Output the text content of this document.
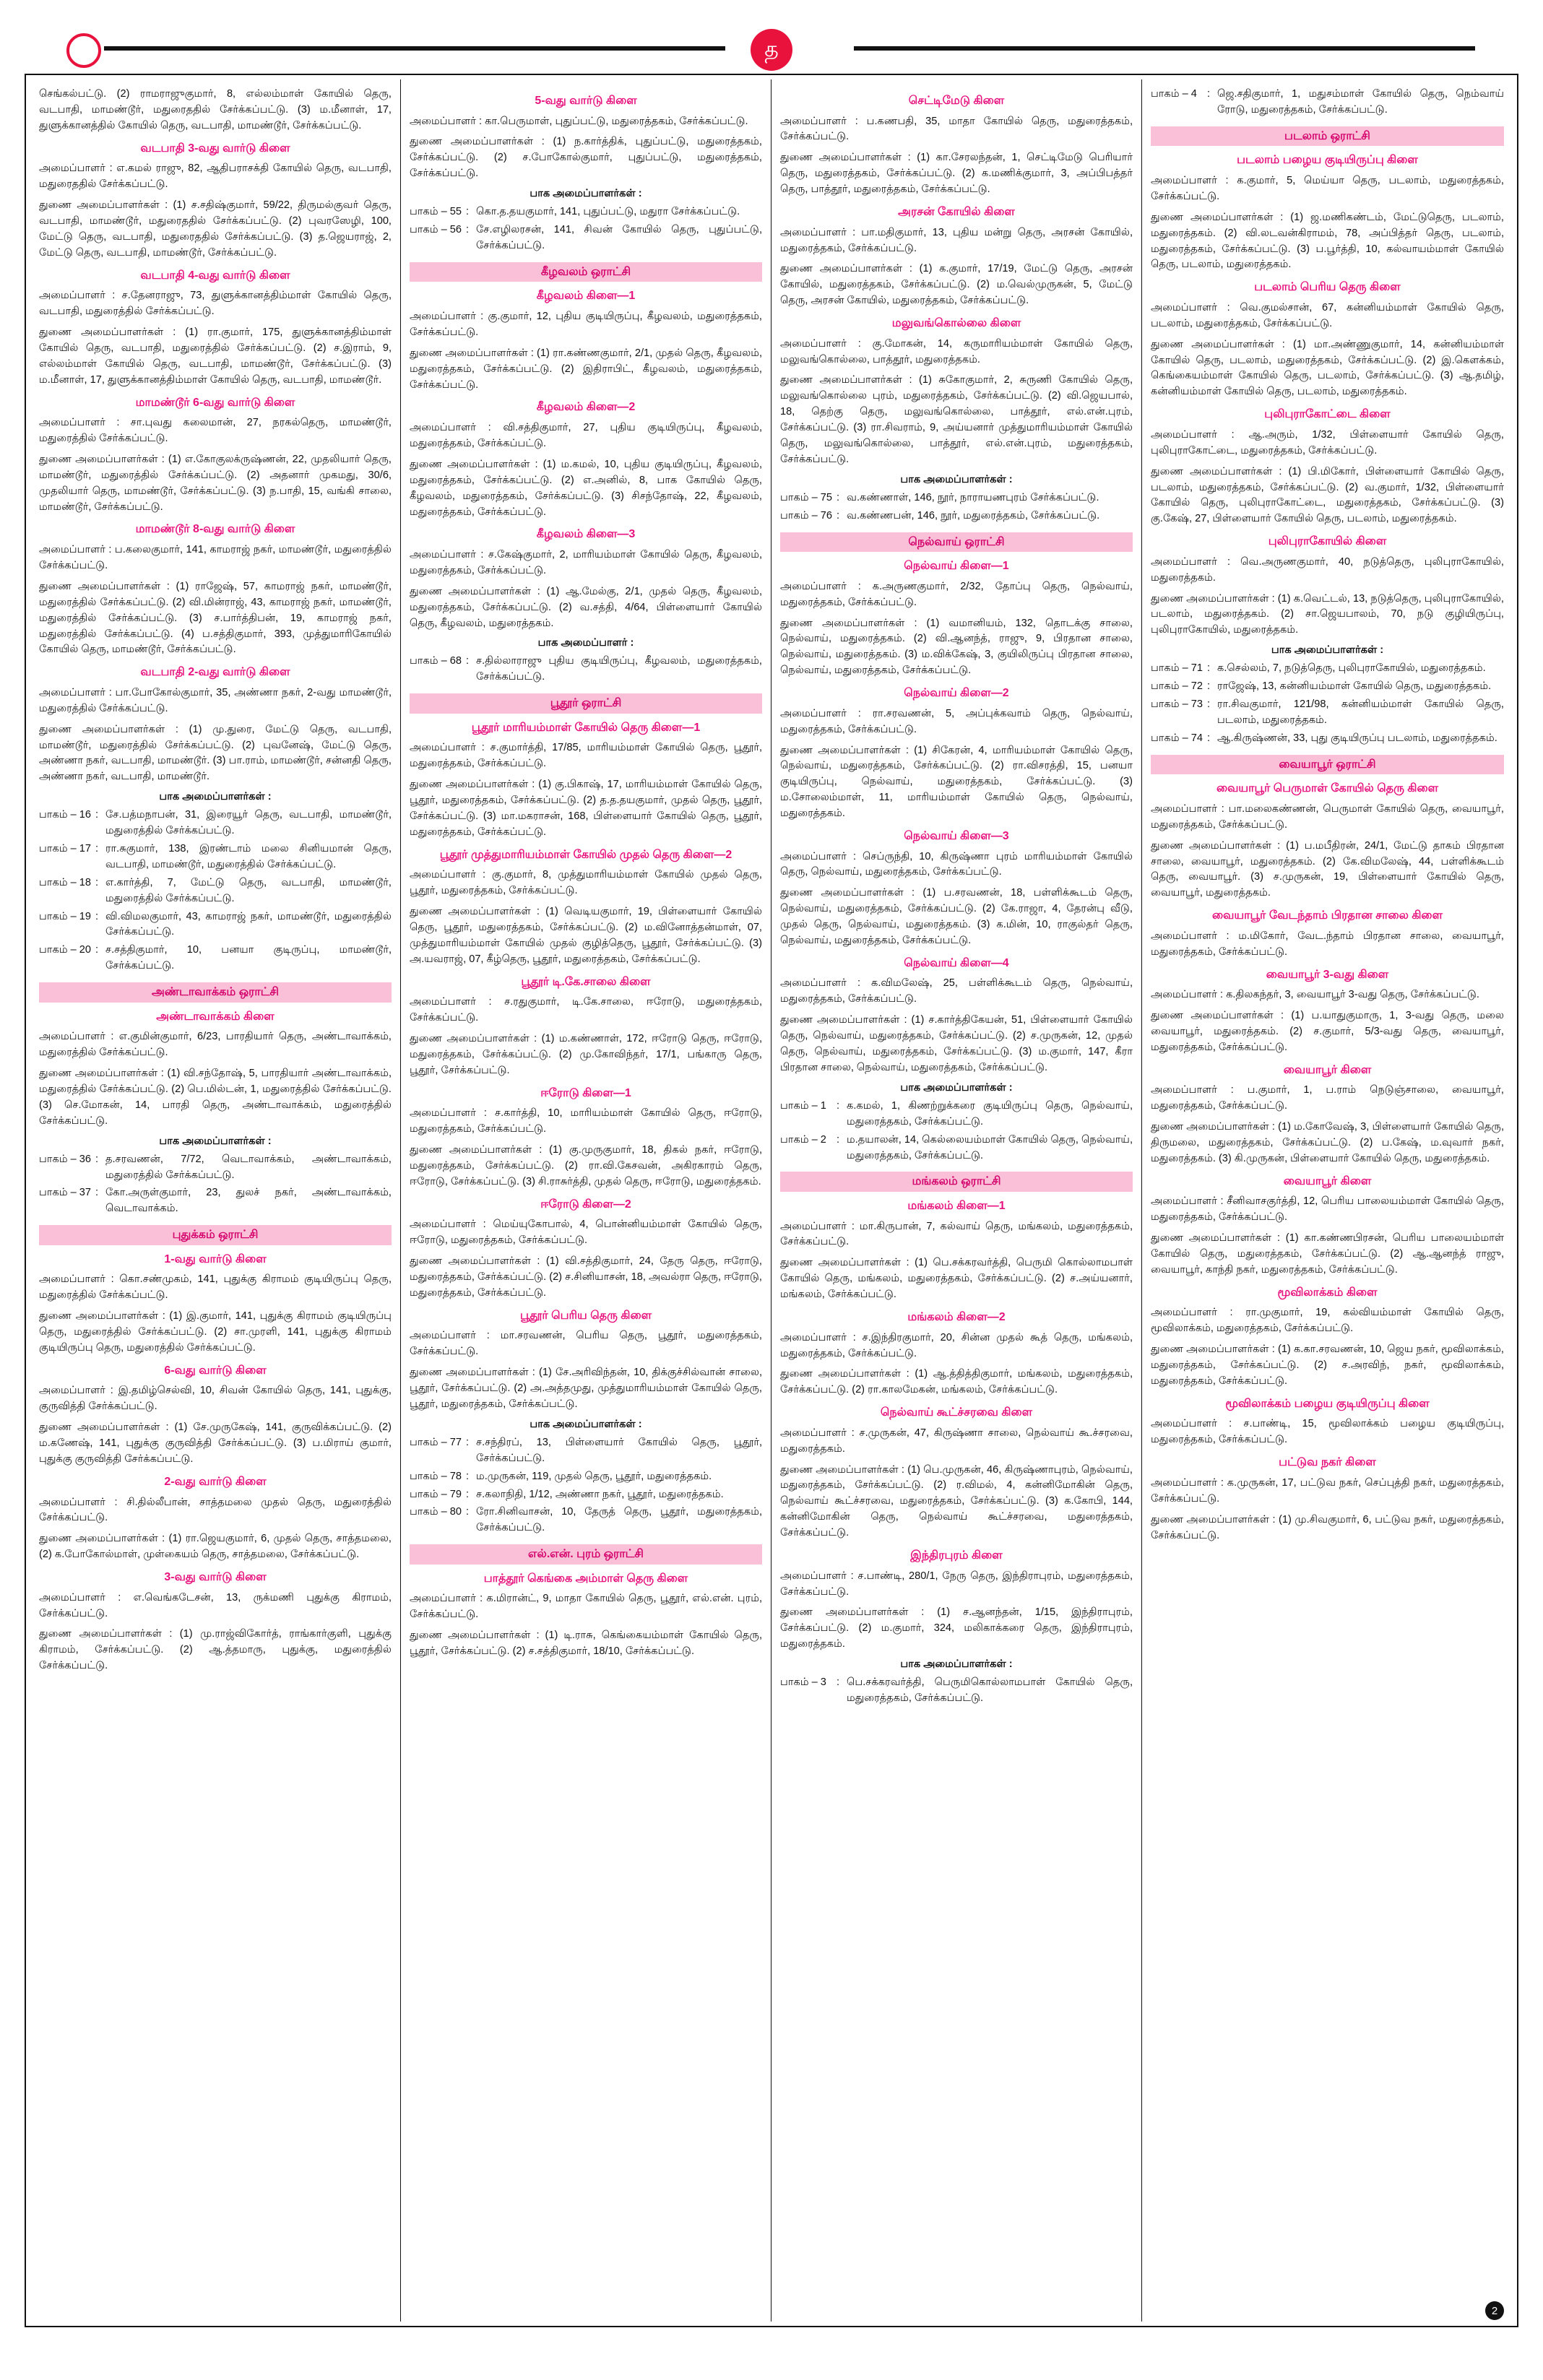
த
செங்கல்பட்டு. (2) ராமராஜுகுமார், 8, எல்லம்மாள் கோயில் தெரு, வடபாதி, மாமண்டூர், மதுரைததில் சேர்க்கப்பட்டு. (3) ம.மீனாள், 17, துளுக்கானத்தில் கோயில் தெரு, வடபாதி, மாமண்டூர், சேர்க்கப்பட்டு.
வடபாதி 3-வது வார்டு கிளை
அமைப்பாளர் : எ.கமல் ராஜு, 82, ஆதிபராசக்தி கோயில் தெரு, வடபாதி, மதுரைததில் சேர்க்கப்பட்டு.
துணை அமைப்பாளர்கள் : (1) ச.சதிஷ்குமார், 59/22, திருமல்குவர் தெரு, வடபாதி, மாமண்டூர், மதுரைததில் சேர்க்கப்பட்டு. (2) புவரஸேழி, 100, மேட்டு தெரு, வடபாதி, மதுரைததில் சேர்க்கப்பட்டு. (3) த.ஜெயராஜ், 2, மேட்டு தெரு, வடபாதி, மாமண்டூர், சேர்க்கப்பட்டு.
வடபாதி 4-வது வார்டு கிளை
அமைப்பாளர் : ச.தேனராஜு, 73, துளுக்கானத்திம்மாள் கோயில் தெரு, வடபாதி, மதுரைத்தில் சேர்க்கப்பட்டு.
துணை அமைப்பாளர்கள் : (1) ரா.குமார், 175, துளுக்கானத்திம்மாள் கோயில் தெரு, வடபாதி, மதுரைத்தில் சேர்க்கப்பட்டு. (2) ச.இராம், 9, எல்லம்மாள் கோயில் தெரு, வடபாதி, மாமண்டூர், சேர்க்கப்பட்டு. (3) ம.மீனாள், 17, துளுக்கானத்திம்மாள் கோயில் தெரு, வடபாதி, மாமண்டூர்.
மாமண்டூர் 6-வது வார்டு கிளை
அமைப்பாளர் : சா.புவது கலைமான், 27, நரகல்தெரு, மாமண்டூர், மதுரைத்தில் சேர்க்கப்பட்டு.
துணை அமைப்பாளர்கள் : (1) எ.கோகுலக்ருஷ்ணன், 22, முதலியார் தெரு, மாமண்டூர், மதுரைத்தில் சேர்க்கப்பட்டு. (2) அதனார் முகமது, 30/6, முதலியார் தெரு, மாமண்டூர், சேர்க்கப்பட்டு. (3) ந.பாதி, 15, வங்கி சாலை, மாமண்டூர், சேர்க்கப்பட்டு.
மாமண்டூர் 8-வது வார்டு கிளை
அமைப்பாளர் : ப.கலைகுமார், 141, காமராஜ் நகர், மாமண்டூர், மதுரைத்தில் சேர்க்கப்பட்டு.
துணை அமைப்பாளர்கள் : (1) ராஜேஷ், 57, காமராஜ் நகர், மாமண்டூர், மதுரைத்தில் சேர்க்கப்பட்டு. (2) வி.மின்ராஜ், 43, காமராஜ் நகர், மாமண்டூர், மதுரைத்தில் சேர்க்கப்பட்டு. (3) ச.பார்த்திபன், 19, காமராஜ் நகர், மதுரைத்தில் சேர்க்கப்பட்டு. (4) ப.சத்திகுமார், 393, முத்துமாரிகோயில் கோயில் தெரு, மாமண்டூர், சேர்க்கப்பட்டு.
வடபாதி 2-வது வார்டு கிளை
அமைப்பாளர் : பா.போகோல்குமார், 35, அண்ணா நகர், 2-வது மாமண்டூர், மதுரைத்தில் சேர்க்கப்பட்டு.
துணை அமைப்பாளர்கள் : (1) மு.துரை, மேட்டு தெரு, வடபாதி, மாமண்டூர், மதுரைத்தில் சேர்க்கப்பட்டு. (2) புவனேஷ், மேட்டு தெரு, அண்ணா நகர், வடபாதி, மாமண்டூர். (3) பா.ராம், மாமண்டூர், சன்னதி தெரு, அண்ணா நகர், வடபாதி, மாமண்டூர்.
பாக அமைப்பாளர்கள் :
பாகம் – 16 : சே.பத்மநாபன், 31, இரையூர் தெரு, வடபாதி, மாமண்டூர், மதுரைத்தில் சேர்க்கப்பட்டு.
பாகம் – 17 : ரா.சுகுமார், 138, இரண்டாம் மலை சினியமான் தெரு, வடபாதி, மாமண்டூர், மதுரைத்தில் சேர்க்கப்பட்டு.
பாகம் – 18 : எ.கார்த்தி, 7, மேட்டு தெரு, வடபாதி, மாமண்டூர், மதுரைத்தில் சேர்க்கப்பட்டு.
பாகம் – 19 : வி.விமலகுமார், 43, காமராஜ் நகர், மாமண்டூர், மதுரைத்தில் சேர்க்கப்பட்டு.
பாகம் – 20 : ச.சத்திகுமார், 10, பனயா குடிருப்பு, மாமண்டூர், சேர்க்கப்பட்டு.
அண்டாவாக்கம் ஒராட்சி
அண்டாவாக்கம் கிளை
அமைப்பாளர் : எ.குமின்குமார், 6/23, பாரதியார் தெரு, அண்டாவாக்கம், மதுரைத்தில் சேர்க்கப்பட்டு.
துணை அமைப்பாளர்கள் : (1) வி.சந்தோஷ், 5, பாரதியார் அண்டாவாக்கம், மதுரைத்தில் சேர்க்கப்பட்டு. (2) பெ.மில்டன், 1, மதுரைத்தில் சேர்க்கப்பட்டு. (3) செ.மோகன், 14, பாரதி தெரு, அண்டாவாக்கம், மதுரைத்தில் சேர்க்கப்பட்டு.
பாக அமைப்பாளர்கள் :
பாகம் – 36 : த.சரவணன், 7/72, வெடாவாக்கம், அண்டாவாக்கம், மதுரைத்தில் சேர்க்கப்பட்டு.
பாகம் – 37 : கோ.அருள்குமார், 23, துலச் நகர், அண்டாவாக்கம், வெடாவாக்கம்.
புதுக்கம் ஒராட்சி
1-வது வார்டு கிளை
அமைப்பாளர் : கொ.சண்முகம், 141, புதுக்கு கிராமம் குடியிருப்பு தெரு, மதுரைத்தில் சேர்க்கப்பட்டு.
துணை அமைப்பாளர்கள் : (1) இ.குமார், 141, புதுக்கு கிராமம் குடியிருப்பு தெரு, மதுரைத்தில் சேர்க்கப்பட்டு. (2) சா.முரளி, 141, புதுக்கு கிராமம் குடியிருப்பு தெரு, மதுரைத்தில் சேர்க்கப்பட்டு.
6-வது வார்டு கிளை
அமைப்பாளர் : இ.தமிழ்செல்வி, 10, சிவன் கோயில் தெரு, 141, புதுக்கு, குருவித்தி சேர்க்கப்பட்டு.
துணை அமைப்பாளர்கள் : (1) சே.முருகேஷ், 141, குருவிக்கப்பட்டு. (2) ம.கணேஷ், 141, புதுக்கு குருவித்தி சேர்க்கப்பட்டு. (3) ப.மிராய் குமார், புதுக்கு குருவித்தி சேர்க்கப்பட்டு.
2-வது வார்டு கிளை
அமைப்பாளர் : சி.தில்லீபான், சாத்தமலை முதல் தெரு, மதுரைத்தில் சேர்க்கப்பட்டு.
துணை அமைப்பாளர்கள் : (1) ரா.ஜெயகுமார், 6, முதல் தெரு, சாத்தமலை, (2) க.போகோல்மாள், முள்கையம் தெரு, சாத்தமலை, சேர்க்கப்பட்டு.
3-வது வார்டு கிளை
அமைப்பாளர் : எ.வெங்கடேசன், 13, ருக்மணி புதுக்கு கிராமம், சேர்க்கப்பட்டு.
துணை அமைப்பாளர்கள் : (1) மு.ராஜ்விகோர்த், ராங்கார்குளி, புதுக்கு கிராமம், சேர்க்கப்பட்டு. (2) ஆ.த்தமாரு, புதுக்கு, மதுரைத்தில் சேர்க்கப்பட்டு.
5-வது வார்டு கிளை
அமைப்பாளர் : கா.பெருமாள், புதுப்பட்டு, மதுரைத்தகம், சேர்க்கப்பட்டு.
துணை அமைப்பாளர்கள் : (1) ந.கார்த்திக், புதுப்பட்டு, மதுரைத்தகம், சேர்க்கப்பட்டு. (2) ச.போகோல்குமார், புதுப்பட்டு, மதுரைத்தகம், சேர்க்கப்பட்டு.
பாக அமைப்பாளர்கள் :
பாகம் – 55 : கொ.த.தயகுமார், 141, புதுப்பட்டு, மதுரா சேர்க்கப்பட்டு.
பாகம் – 56 : சே.எழிலரசன், 141, சிவன் கோயில் தெரு, புதுப்பட்டு, சேர்க்கப்பட்டு.
கீழவலம் ஒராட்சி
கீழவலம் கிளை—1
அமைப்பாளர் : கு.குமார், 12, புதிய குடியிருப்பு, கீழவலம், மதுரைத்தகம், சேர்க்கப்பட்டு.
துணை அமைப்பாளர்கள் : (1) ரா.கண்ணகுமார், 2/1, முதல் தெரு, கீழவலம், மதுரைத்தகம், சேர்க்கப்பட்டு. (2) இதிராபிட், கீழவலம், மதுரைத்தகம், சேர்க்கப்பட்டு.
கீழவலம் கிளை—2
அமைப்பாளர் : வி.சத்திகுமார், 27, புதிய குடியிருப்பு, கீழவலம், மதுரைத்தகம், சேர்க்கப்பட்டு.
துணை அமைப்பாளர்கள் : (1) ம.கமல், 10, புதிய குடியிருப்பு, கீழவலம், மதுரைத்தகம், சேர்க்கப்பட்டு. (2) எ.அனில், 8, பாக கோயில் தெரு, கீழவலம், மதுரைத்தகம், சேர்க்கப்பட்டு. (3) சிசந்தோஷ், 22, கீழவலம், மதுரைத்தகம், சேர்க்கப்பட்டு.
கீழவலம் கிளை—3
அமைப்பாளர் : ச.கேஷ்குமார், 2, மாரியம்மாள் கோயில் தெரு, கீழவலம், மதுரைத்தகம், சேர்க்கப்பட்டு.
துணை அமைப்பாளர்கள் : (1) ஆ.மேல்கு, 2/1, முதல் தெரு, கீழவலம், மதுரைத்தகம், சேர்க்கப்பட்டு. (2) வ.சத்தி, 4/64, பிள்ளையார் கோயில் தெரு, கீழவலம், மதுரைத்தகம்.
பாக அமைப்பாளர் :
பாகம் – 68 : ச.தில்லாராஜு புதிய குடியிருப்பு, கீழவலம், மதுரைத்தகம், சேர்க்கப்பட்டு.
பூதூர் ஒராட்சி
பூதூர் மாரியம்மாள் கோயில் தெரு கிளை—1
அமைப்பாளர் : ச.குமார்த்தி, 17/85, மாரியம்மாள் கோயில் தெரு, பூதூர், மதுரைத்தகம், சேர்க்கப்பட்டு.
துணை அமைப்பாளர்கள் : (1) கு.பிகாஷ், 17, மாரியம்மாள் கோயில் தெரு, பூதூர், மதுரைத்தகம், சேர்க்கப்பட்டு. (2) த.த.தயகுமார், முதல் தெரு, பூதூர், சேர்க்கப்பட்டு. (3) மா.மகராசன், 168, பிள்ளையார் கோயில் தெரு, பூதூர், மதுரைத்தகம், சேர்க்கப்பட்டு.
பூதூர் முத்துமாரியம்மாள் கோயில் முதல் தெரு கிளை—2
அமைப்பாளர் : கு.குமார், 8, முத்துமாரியம்மாள் கோயில் முதல் தெரு, பூதூர், மதுரைத்தகம், சேர்க்கப்பட்டு.
துணை அமைப்பாளர்கள் : (1) வெடியகுமார், 19, பிள்ளையார் கோயில் தெரு, பூதூர், மதுரைத்தகம், சேர்க்கப்பட்டு. (2) ம.வினோத்தன்மாள், 07, முத்துமாரியம்மாள் கோயில் முதல் குழித்தெரு, பூதூர், சேர்க்கப்பட்டு. (3) அ.யவராஜ், 07, கீழ்தெரு, பூதூர், மதுரைத்தகம், சேர்க்கப்பட்டு.
பூதூர் டி.கே.சாலை கிளை
அமைப்பாளர் : ச.ரதுகுமார், டி.கே.சாலை, ஈரோடு, மதுரைத்தகம், சேர்க்கப்பட்டு.
துணை அமைப்பாளர்கள் : (1) ம.கண்ணாள், 172, ஈரோடு தெரு, ஈரோடு, மதுரைத்தகம், சேர்க்கப்பட்டு. (2) மு.கோவிந்தர், 17/1, பங்காரு தெரு, பூதூர், சேர்க்கப்பட்டு.
ஈரோடு கிளை—1
அமைப்பாளர் : ச.கார்த்தி, 10, மாரியம்மாள் கோயில் தெரு, ஈரோடு, மதுரைத்தகம், சேர்க்கப்பட்டு.
துணை அமைப்பாளர்கள் : (1) கு.முருகுமார், 18, திகல் நகர், ஈரோடு, மதுரைத்தகம், சேர்க்கப்பட்டு. (2) ரா.வி.கேசவன், அகிரகாரம் தெரு, ஈரோடு, சேர்க்கப்பட்டு. (3) சி.ராசுர்த்தி, முதல் தெரு, ஈரோடு, மதுரைத்தகம்.
ஈரோடு கிளை—2
அமைப்பாளர் : மெய்யுகோபால், 4, பொன்னியம்மாள் கோயில் தெரு, ஈரோடு, மதுரைத்தகம், சேர்க்கப்பட்டு.
துணை அமைப்பாளர்கள் : (1) வி.சத்திகுமார், 24, தேரு தெரு, ஈரோடு, மதுரைத்தகம், சேர்க்கப்பட்டு. (2) ச.சினியாசன், 18, அவல்ரா தெரு, ஈரோடு, மதுரைத்தகம், சேர்க்கப்பட்டு.
பூதூர் பெரிய தெரு கிளை
அமைப்பாளர் : மா.சரவணன், பெரிய தெரு, பூதூர், மதுரைத்தகம், சேர்க்கப்பட்டு.
துணை அமைப்பாளர்கள் : (1) சே.அரிவிந்தன், 10, திக்குச்சில்வான் சாலை, பூதூர், சேர்க்கப்பட்டு. (2) அ.அத்தமுது, முத்துமாரியம்மாள் கோயில் தெரு, பூதூர், மதுரைத்தகம், சேர்க்கப்பட்டு.
பாக அமைப்பாளர்கள் :
பாகம் – 77 : ச.சந்திரப், 13, பிள்ளையார் கோயில் தெரு, பூதூர், சேர்க்கப்பட்டு.
பாகம் – 78 : ம.முருகன், 119, முதல் தெரு, பூதூர், மதுரைத்தகம்.
பாகம் – 79 : ச.கலாநிதி, 1/12, அண்ணா நகர், பூதூர், மதுரைத்தகம்.
பாகம் – 80 : ரோ.சினிவாசன், 10, தேருத் தெரு, பூதூர், மதுரைத்தகம், சேர்க்கப்பட்டு.
எல்.என். புரம் ஒராட்சி
பாத்தூர் கெங்கை அம்மாள் தெரு கிளை
அமைப்பாளர் : க.மிரான்ட், 9, மாதா கோயில் தெரு, பூதூர், எல்.என். புரம், சேர்க்கப்பட்டு.
துணை அமைப்பாளர்கள் : (1) டி.ராசு, கெங்கையம்மாள் கோயில் தெரு, பூதூர், சேர்க்கப்பட்டு. (2) ச.சத்திகுமார், 18/10, சேர்க்கப்பட்டு.
செட்டிமேடு கிளை
அமைப்பாளர் : ப.கணபதி, 35, மாதா கோயில் தெரு, மதுரைத்தகம், சேர்க்கப்பட்டு.
துணை அமைப்பாளர்கள் : (1) கா.சேரலந்தன், 1, செட்டிமேடு பெரியார் தெரு, மதுரைத்தகம், சேர்க்கப்பட்டு. (2) க.மணிக்குமார், 3, அப்பிபத்தர் தெரு, பாத்தூர், மதுரைத்தகம், சேர்க்கப்பட்டு.
அரசன் கோயில் கிளை
அமைப்பாளர் : பா.மதிகுமார், 13, புதிய மன்று தெரு, அரசன் கோயில், மதுரைத்தகம், சேர்க்கப்பட்டு.
துணை அமைப்பாளர்கள் : (1) க.குமார், 17/19, மேட்டு தெரு, அரசன் கோயில், மதுரைத்தகம், சேர்க்கப்பட்டு. (2) ம.வெல்முருகன், 5, மேட்டு தெரு, அரசன் கோயில், மதுரைத்தகம், சேர்க்கப்பட்டு.
மலுவங்கொல்லை கிளை
அமைப்பாளர் : கு.மோகன், 14, கருமாரியம்மாள் கோயில் தெரு, மலுவங்கொல்லை, பாத்தூர், மதுரைத்தகம்.
துணை அமைப்பாளர்கள் : (1) சுகோகுமார், 2, சுருணி கோயில் தெரு, மலுவங்கொல்லை புரம், மதுரைத்தகம், சேர்க்கப்பட்டு. (2) வி.ஜெயபால், 18, தெற்கு தெரு, மலுவங்கொல்லை, பாத்தூர், எல்.என்.புரம், சேர்க்கப்பட்டு. (3) ரா.சிவராம், 9, அய்யனார் முத்துமாரியம்மாள் கோயில் தெரு, மலுவங்கொல்லை, பாத்தூர், எல்.என்.புரம், மதுரைத்தகம், சேர்க்கப்பட்டு.
பாக அமைப்பாளர்கள் :
பாகம் – 75 : வ.கண்ணாள், 146, நூர், நாராயணபுரம் சேர்க்கப்பட்டு.
பாகம் – 76 : வ.கண்ணபன், 146, நூர், மதுரைத்தகம், சேர்க்கப்பட்டு.
நெல்வாய் ஒராட்சி
நெல்வாய் கிளை—1
அமைப்பாளர் : க.அருணகுமார், 2/32, தோப்பு தெரு, நெல்வாய், மதுரைத்தகம், சேர்க்கப்பட்டு.
துணை அமைப்பாளர்கள் : (1) வமானியம், 132, தொடக்கு சாலை, நெல்வாய், மதுரைத்தகம். (2) வி.ஆனந்த், ராஜு, 9, பிரதான சாலை, நெல்வாய், மதுரைத்தகம். (3) ம.விக்கேஷ், 3, குயிலிருப்பு பிரதான சாலை, நெல்வாய், மதுரைத்தகம், சேர்க்கப்பட்டு.
நெல்வாய் கிளை—2
அமைப்பாளர் : ரா.சரவணன், 5, அப்புக்கவாம் தெரு, நெல்வாய், மதுரைத்தகம், சேர்க்கப்பட்டு.
துணை அமைப்பாளர்கள் : (1) சிகேரன், 4, மாரியம்மாள் கோயில் தெரு, நெல்வாய், மதுரைத்தகம், சேர்க்கப்பட்டு. (2) ரா.விசரத்தி, 15, பனயா குடியிருப்பு, நெல்வாய், மதுரைத்தகம், சேர்க்கப்பட்டு. (3) ம.சோலைம்மாள், 11, மாரியம்மாள் கோயில் தெரு, நெல்வாய், மதுரைத்தகம்.
நெல்வாய் கிளை—3
அமைப்பாளர் : செப்ருந்தி, 10, கிருஷ்ணா புரம் மாரியம்மாள் கோயில் தெரு, நெல்வாய், மதுரைத்தகம், சேர்க்கப்பட்டு.
துணை அமைப்பாளர்கள் : (1) ப.சரவணன், 18, பள்ளிக்கூடம் தெரு, நெல்வாய், மதுரைத்தகம், சேர்க்கப்பட்டு. (2) கே.ராஜா, 4, தேரன்பு வீடு, முதல் தெரு, நெல்வாய், மதுரைத்தகம். (3) க.மின், 10, ராகுல்தர் தெரு, நெல்வாய், மதுரைத்தகம், சேர்க்கப்பட்டு.
நெல்வாய் கிளை—4
அமைப்பாளர் : க.விமலேஷ், 25, பள்ளிக்கூடம் தெரு, நெல்வாய், மதுரைத்தகம், சேர்க்கப்பட்டு.
துணை அமைப்பாளர்கள் : (1) ச.கார்த்திகேயன், 51, பிள்ளையார் கோயில் தெரு, நெல்வாய், மதுரைத்தகம், சேர்க்கப்பட்டு. (2) ச.முருகன், 12, முதல் தெரு, நெல்வாய், மதுரைத்தகம், சேர்க்கப்பட்டு. (3) ம.குமார், 147, கீரா பிரதான சாலை, நெல்வாய், மதுரைத்தகம், சேர்க்கப்பட்டு.
பாக அமைப்பாளர்கள் :
பாகம் – 1 : க.கமல், 1, கிணற்றுக்கரை குடியிருப்பு தெரு, நெல்வாய், மதுரைத்தகம், சேர்க்கப்பட்டு.
பாகம் – 2 : ம.தயாலன், 14, கெல்லையம்மாள் கோயில் தெரு, நெல்வாய், மதுரைத்தகம், சேர்க்கப்பட்டு.
மங்கலம் ஒராட்சி
மங்கலம் கிளை—1
அமைப்பாளர் : மா.கிருபான், 7, கல்வாய் தெரு, மங்கலம், மதுரைத்தகம், சேர்க்கப்பட்டு.
துணை அமைப்பாளர்கள் : (1) பெ.சக்கரவர்த்தி, பெருமி கொல்லாமபாள் கோயில் தெரு, மங்கலம், மதுரைத்தகம், சேர்க்கப்பட்டு. (2) ச.அய்யனார், மங்கலம், சேர்க்கப்பட்டு.
மங்கலம் கிளை—2
அமைப்பாளர் : ச.இந்திரகுமார், 20, சின்ன முதல் கூத் தெரு, மங்கலம், மதுரைத்தகம், சேர்க்கப்பட்டு.
துணை அமைப்பாளர்கள் : (1) ஆ.த்தித்திகுமார், மங்கலம், மதுரைத்தகம், சேர்க்கப்பட்டு. (2) ரா.காலமேகன், மங்கலம், சேர்க்கப்பட்டு.
நெல்வாய் கூட்ச்சரவை கிளை
அமைப்பாளர் : ச.முருகன், 47, கிருஷ்ணா சாலை, நெல்வாய் கூ.ச்சரவை, மதுரைத்தகம்.
துணை அமைப்பாளர்கள் : (1) பெ.முருகன், 46, கிருஷ்ணாபுரம், நெல்வாய், மதுரைத்தகம், சேர்க்கப்பட்டு. (2) ர.விமல், 4, கன்னிமோகின் தெரு, நெல்வாய் கூட்ச்சரவை, மதுரைத்தகம், சேர்க்கப்பட்டு. (3) க.கோபி, 144, கன்னிமோகின் தெரு, நெல்வாய் கூட்ச்சரவை, மதுரைத்தகம், சேர்க்கப்பட்டு.
இந்திரபுரம் கிளை
அமைப்பாளர் : ச.பாண்டி, 280/1, நேரு தெரு, இந்திராபுரம், மதுரைத்தகம், சேர்க்கப்பட்டு.
துணை அமைப்பாளர்கள் : (1) ச.ஆனந்தன், 1/15, இந்திராபுரம், சேர்க்கப்பட்டு. (2) ம.குமார், 324, மலிகாக்கரை தெரு, இந்திராபுரம், மதுரைத்தகம்.
பாக அமைப்பாளர்கள் :
பாகம் – 3 : பெ.சக்கரவர்த்தி, பெருமிகொல்லாமபாள் கோயில் தெரு, மதுரைத்தகம், சேர்க்கப்பட்டு.
பாகம் – 4 : ஜெ.சதிகுமார், 1, மதுசம்மாள் கோயில் தெரு, நெம்வாய் ரோடு, மதுரைத்தகம், சேர்க்கப்பட்டு.
படலாம் ஒராட்சி
படலாம் பழைய குடியிருப்பு கிளை
அமைப்பாளர் : க.குமார், 5, மெய்யா தெரு, படலாம், மதுரைத்தகம், சேர்க்கப்பட்டு.
துணை அமைப்பாளர்கள் : (1) ஜ.மணிகண்டம், மேட்டுதெரு, படலாம், மதுரைத்தகம். (2) வி.லடவன்கிராமம், 78, அப்பித்தர் தெரு, படலாம், மதுரைத்தகம், சேர்க்கப்பட்டு. (3) ப.பூர்த்தி, 10, கல்வாயம்மாள் கோயில் தெரு, படலாம், மதுரைத்தகம்.
படலாம் பெரிய தெரு கிளை
அமைப்பாளர் : வெ.குமல்சான், 67, கன்னியம்மாள் கோயில் தெரு, படலாம், மதுரைத்தகம், சேர்க்கப்பட்டு.
துணை அமைப்பாளர்கள் : (1) மா.அண்ணுகுமார், 14, கன்னியம்மாள் கோயில் தெரு, படலாம், மதுரைத்தகம், சேர்க்கப்பட்டு. (2) இ.கெளக்கம், கெங்கையம்மாள் கோயில் தெரு, படலாம், சேர்க்கப்பட்டு. (3) ஆ.தமிழ், கன்னியம்மாள் கோயில் தெரு, படலாம், மதுரைத்தகம்.
புலிபுராகோட்டை கிளை
அமைப்பாளர் : ஆ.அரும், 1/32, பிள்ளையார் கோயில் தெரு, புலிபுராகோட்டை, மதுரைத்தகம், சேர்க்கப்பட்டு.
துணை அமைப்பாளர்கள் : (1) பி.மிகோர், பிள்ளையார் கோயில் தெரு, படலாம், மதுரைத்தகம், சேர்க்கப்பட்டு. (2) வ.குமார், 1/32, பிள்ளையார் கோயில் தெரு, புலிபுராகோட்டை, மதுரைத்தகம், சேர்க்கப்பட்டு. (3) கு.கேஷ், 27, பிள்ளையார் கோயில் தெரு, படலாம், மதுரைத்தகம்.
புலிபுராகோயில் கிளை
அமைப்பாளர் : வெ.அருணகுமார், 40, நடுத்தெரு, புலிபுராகோயில், மதுரைத்தகம்.
துணை அமைப்பாளர்கள் : (1) க.வெட்டல், 13, நடுத்தெரு, புலிபுராகோயில், படலாம், மதுரைத்தகம். (2) சா.ஜெயபாலம், 70, நடு குழியிருப்பு, புலிபுராகோயில், மதுரைத்தகம்.
பாக அமைப்பாளர்கள் :
பாகம் – 71 : க.செல்லம், 7, நடுத்தெரு, புலிபுராகோயில், மதுரைத்தகம்.
பாகம் – 72 : ராஜேஷ், 13, கன்னியம்மாள் கோயில் தெரு, மதுரைத்தகம்.
பாகம் – 73 : ரா.சிவகுமார், 121/98, கன்னியம்மாள் கோயில் தெரு, படலாம், மதுரைத்தகம்.
பாகம் – 74 : ஆ.கிருஷ்ணன், 33, புது குடியிருப்பு படலாம், மதுரைத்தகம்.
வையாபூர் ஒராட்சி
வையாபூர் பெருமாள் கோயில் தெரு கிளை
அமைப்பாளர் : பா.மலைகண்ணன், பெருமாள் கோயில் தெரு, வையாபூர், மதுரைத்தகம், சேர்க்கப்பட்டு.
துணை அமைப்பாளர்கள் : (1) ப.மபீதிரன், 24/1, மேட்டு தாகம் பிரதான சாலை, வையாபூர், மதுரைத்தகம். (2) கே.விமலேஷ், 44, பள்ளிக்கூடம் தெரு, வையாபூர். (3) ச.முருகன், 19, பிள்ளையார் கோயில் தெரு, வையாபூர், மதுரைத்தகம்.
வையாபூர் வேடந்தாம் பிரதான சாலை கிளை
அமைப்பாளர் : ம.மிகோர், வேட.ந்தாம் பிரதான சாலை, வையாபூர், மதுரைத்தகம், சேர்க்கப்பட்டு.
வையாபூர் 3-வது கிளை
அமைப்பாளர் : க.திலகந்தர், 3, வையாபூர் 3-வது தெரு, சேர்க்கப்பட்டு.
துணை அமைப்பாளர்கள் : (1) ப.யாதுகுமாரு, 1, 3-வது தெரு, மலை வையாபூர், மதுரைத்தகம். (2) ச.குமார், 5/3-வது தெரு, வையாபூர், மதுரைத்தகம், சேர்க்கப்பட்டு.
வையாபூர் கிளை
அமைப்பாளர் : ப.குமார், 1, ப.ராம் நெடுஞ்சாலை, வையாபூர், மதுரைத்தகம், சேர்க்கப்பட்டு.
துணை அமைப்பாளர்கள் : (1) ம.கோவேஷ், 3, பிள்ளையார் கோயில் தெரு, திருமலை, மதுரைத்தகம், சேர்க்கப்பட்டு. (2) ப.கேஷ், ம.வுவார் நகர், மதுரைத்தகம். (3) கி.முருகன், பிள்ளையார் கோயில் தெரு, மதுரைத்தகம்.
வையாபூர் கிளை
அமைப்பாளர் : சீனிவாசகுர்த்தி, 12, பெரிய பாலையம்மாள் கோயில் தெரு, மதுரைத்தகம், சேர்க்கப்பட்டு.
துணை அமைப்பாளர்கள் : (1) கா.கண்ணபிரசன், பெரிய பாலையம்மாள் கோயில் தெரு, மதுரைத்தகம், சேர்க்கப்பட்டு. (2) ஆ.ஆனந்த் ராஜு, வையாபூர், காந்தி நகர், மதுரைத்தகம், சேர்க்கப்பட்டு.
மூவிலாக்கம் கிளை
அமைப்பாளர் : ரா.முகுமார், 19, கல்வியம்மாள் கோயில் தெரு, மூவிலாக்கம், மதுரைத்தகம், சேர்க்கப்பட்டு.
துணை அமைப்பாளர்கள் : (1) க.கா.சரவணன், 10, ஜெய நகர், மூவிலாக்கம், மதுரைத்தகம், சேர்க்கப்பட்டு. (2) ச.அரவிந், நகர், மூவிலாக்கம், மதுரைத்தகம், சேர்க்கப்பட்டு.
மூவிலாக்கம் பழைய குடியிருப்பு கிளை
அமைப்பாளர் : ச.பாண்டி, 15, மூவிலாக்கம் பழைய குடியிருப்பு, மதுரைத்தகம், சேர்க்கப்பட்டு.
பட்டுவ நகர் கிளை
அமைப்பாளர் : க.முருகன், 17, பட்டுவ நகர், செப்புத்தி நகர், மதுரைத்தகம், சேர்க்கப்பட்டு.
துணை அமைப்பாளர்கள் : (1) மு.சிவகுமார், 6, பட்டுவ நகர், மதுரைத்தகம், சேர்க்கப்பட்டு.
2
